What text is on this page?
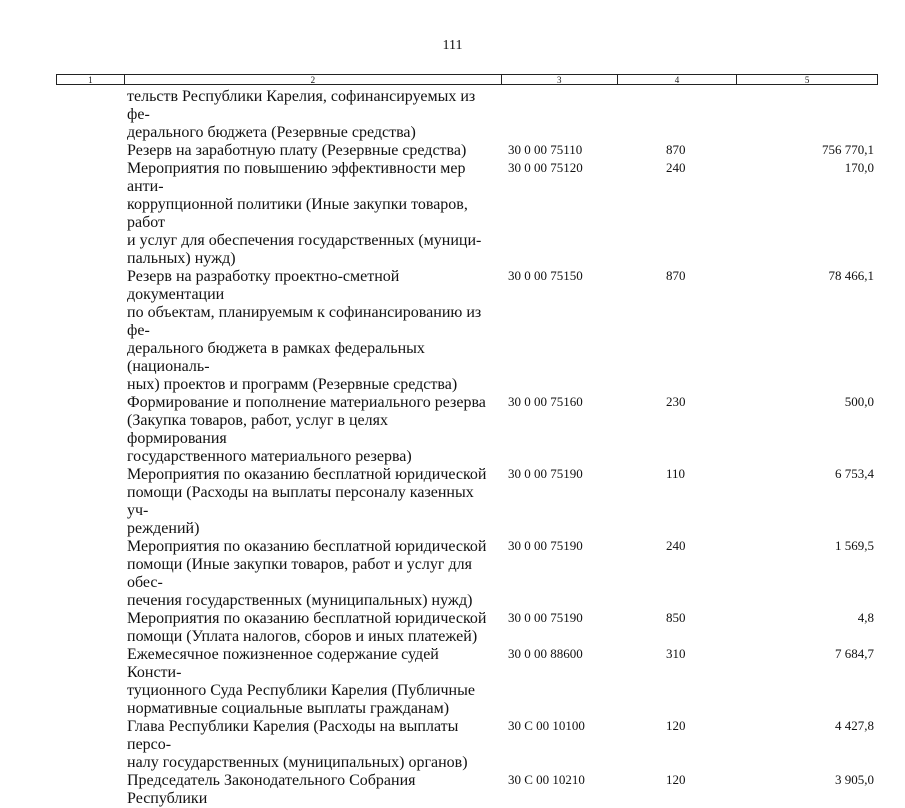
111
1	2	3	4	5
тельств Республики Карелия, софинансируемых из фе-
дерального бюджета (Резервные средства)
Резерв на заработную плату (Резервные средства)	30 0 00 75110	870	756 770,1
Мероприятия по повышению эффективности мер анти-
коррупционной политики (Иные закупки товаров, работ
и услуг для обеспечения государственных (муници-
пальных) нужд)
30 0 00 75120	240	170,0
Резерв на разработку проектно-сметной документации
по объектам, планируемым к софинансированию из фе-
дерального бюджета в рамках федеральных (националь-
ных) проектов и программ (Резервные средства)
30 0 00 75150	870	78 466,1
Формирование и пополнение материального резерва
(Закупка товаров, работ, услуг в целях формирования
государственного материального резерва)
30 0 00 75160	230	500,0
Мероприятия по оказанию бесплатной юридической
помощи (Расходы на выплаты персоналу казенных уч-
реждений)
30 0 00 75190	110	6 753,4
Мероприятия по оказанию бесплатной юридической
помощи (Иные закупки товаров, работ и услуг для обес-
печения государственных (муниципальных) нужд)
30 0 00 75190	240	1 569,5
Мероприятия по оказанию бесплатной юридической
помощи (Уплата налогов, сборов и иных платежей)
30 0 00 75190	850	4,8
Ежемесячное пожизненное содержание судей Консти-
туционного Суда Республики Карелия (Публичные
нормативные социальные выплаты гражданам)
30 0 00 88600	310	7 684,7
Глава Республики Карелия (Расходы на выплаты персо-
налу государственных (муниципальных) органов)
30 С 00 10100	120	4 427,8
Председатель Законодательного Собрания Республики
30 С 00 10210	120	3 905,0
